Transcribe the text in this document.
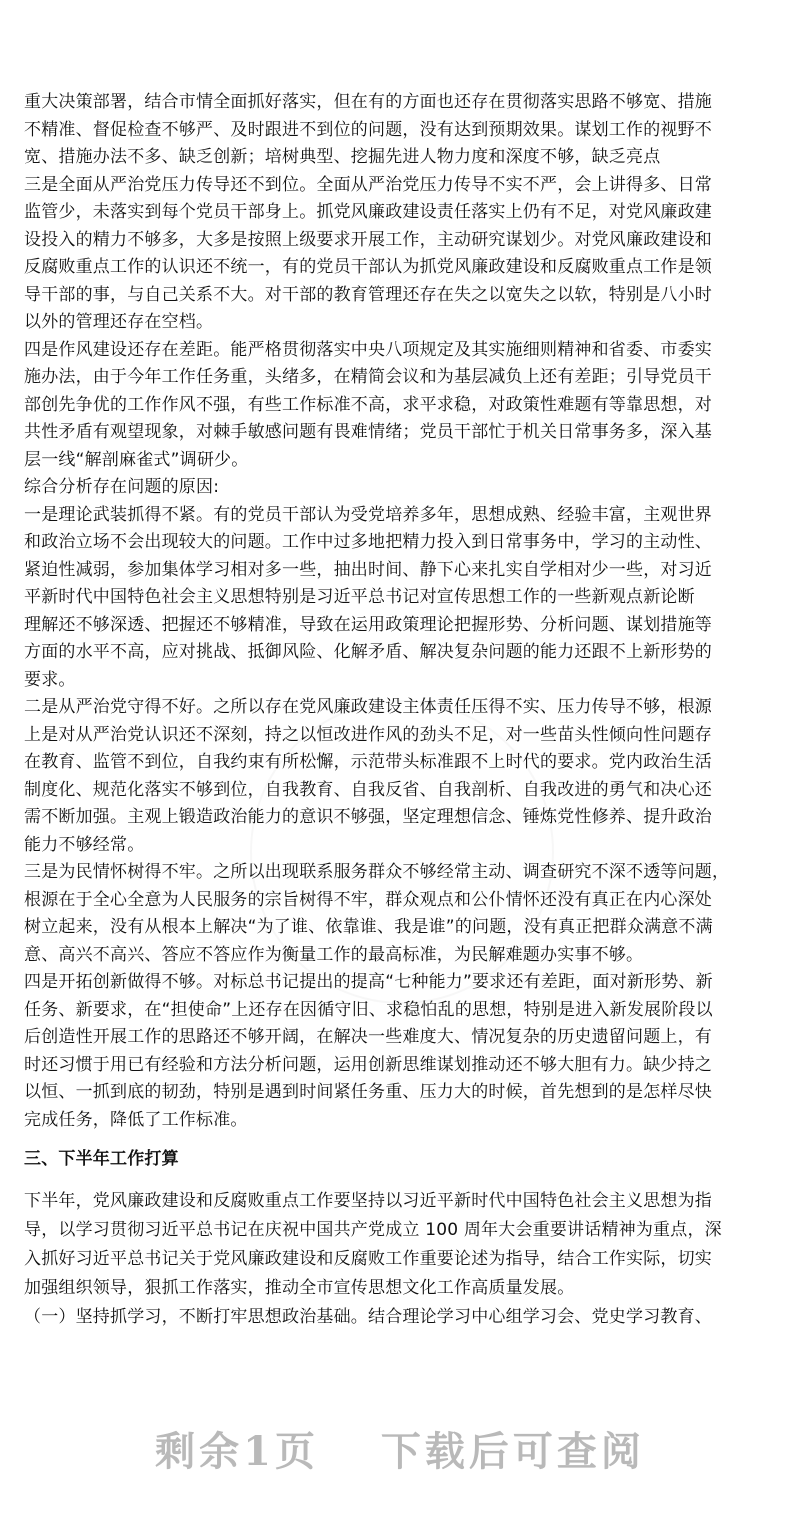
重大决策部署，结合市情全面抓好落实，但在有的方面也还存在贯彻落实思路不够宽、措施
不精准、督促检查不够严、及时跟进不到位的问题，没有达到预期效果。谋划工作的视野不
宽、措施办法不多、缺乏创新；培树典型、挖掘先进人物力度和深度不够，缺乏亮点
三是全面从严治党压力传导还不到位。全面从严治党压力传导不实不严，会上讲得多、日常
监管少，未落实到每个党员干部身上。抓党风廉政建设责任落实上仍有不足，对党风廉政建
设投入的精力不够多，大多是按照上级要求开展工作，主动研究谋划少。对党风廉政建设和
反腐败重点工作的认识还不统一，有的党员干部认为抓党风廉政建设和反腐败重点工作是领
导干部的事，与自己关系不大。对干部的教育管理还存在失之以宽失之以软，特别是八小时
以外的管理还存在空档。
四是作风建设还存在差距。能严格贯彻落实中央八项规定及其实施细则精神和省委、市委实
施办法，由于今年工作任务重，头绪多，在精简会议和为基层减负上还有差距；引导党员干
部创先争优的工作作风不强，有些工作标准不高，求平求稳，对政策性难题有等靠思想，对
共性矛盾有观望现象，对棘手敏感问题有畏难情绪；党员干部忙于机关日常事务多，深入基
层一线“解剖麻雀式”调研少。
综合分析存在问题的原因:
一是理论武装抓得不紧。有的党员干部认为受党培养多年，思想成熟、经验丰富，主观世界
和政治立场不会出现较大的问题。工作中过多地把精力投入到日常事务中，学习的主动性、
紧迫性减弱，参加集体学习相对多一些，抽出时间、静下心来扎实自学相对少一些，对习近
平新时代中国特色社会主义思想特别是习近平总书记对宣传思想工作的一些新观点新论断
理解还不够深透、把握还不够精准，导致在运用政策理论把握形势、分析问题、谋划措施等
方面的水平不高，应对挑战、抵御风险、化解矛盾、解决复杂问题的能力还跟不上新形势的
要求。
二是从严治党守得不好。之所以存在党风廉政建设主体责任压得不实、压力传导不够，根源
上是对从严治党认识还不深刻，持之以恒改进作风的劲头不足，对一些苗头性倾向性问题存
在教育、监管不到位，自我约束有所松懈，示范带头标准跟不上时代的要求。党内政治生活
制度化、规范化落实不够到位，自我教育、自我反省、自我剖析、自我改进的勇气和决心还
需不断加强。主观上锻造政治能力的意识不够强，坚定理想信念、锤炼党性修养、提升政治
能力不够经常。
三是为民情怀树得不牢。之所以出现联系服务群众不够经常主动、调查研究不深不透等问题，
根源在于全心全意为人民服务的宗旨树得不牢，群众观点和公仆情怀还没有真正在内心深处
树立起来，没有从根本上解决“为了谁、依靠谁、我是谁”的问题，没有真正把群众满意不满
意、高兴不高兴、答应不答应作为衡量工作的最高标准，为民解难题办实事不够。
四是开拓创新做得不够。对标总书记提出的提高“七种能力”要求还有差距，面对新形势、新
任务、新要求，在“担使命”上还存在因循守旧、求稳怕乱的思想，特别是进入新发展阶段以
后创造性开展工作的思路还不够开阔，在解决一些难度大、情况复杂的历史遗留问题上，有
时还习惯于用已有经验和方法分析问题，运用创新思维谋划推动还不够大胆有力。缺少持之
以恒、一抓到底的韧劲，特别是遇到时间紧任务重、压力大的时候，首先想到的是怎样尽快
完成任务，降低了工作标准。
三、下半年工作打算
下半年，党风廉政建设和反腐败重点工作要坚持以习近平新时代中国特色社会主义思想为指
导，以学习贯彻习近平总书记在庆祝中国共产党成立 100 周年大会重要讲话精神为重点，深
入抓好习近平总书记关于党风廉政建设和反腐败工作重要论述为指导，结合工作实际，切实
加强组织领导，狠抓工作落实，推动全市宣传思想文化工作高质量发展。
（一）坚持抓学习，不断打牢思想政治基础。结合理论学习中心组学习会、党史学习教育、
剩余1页 下载后可查阅
